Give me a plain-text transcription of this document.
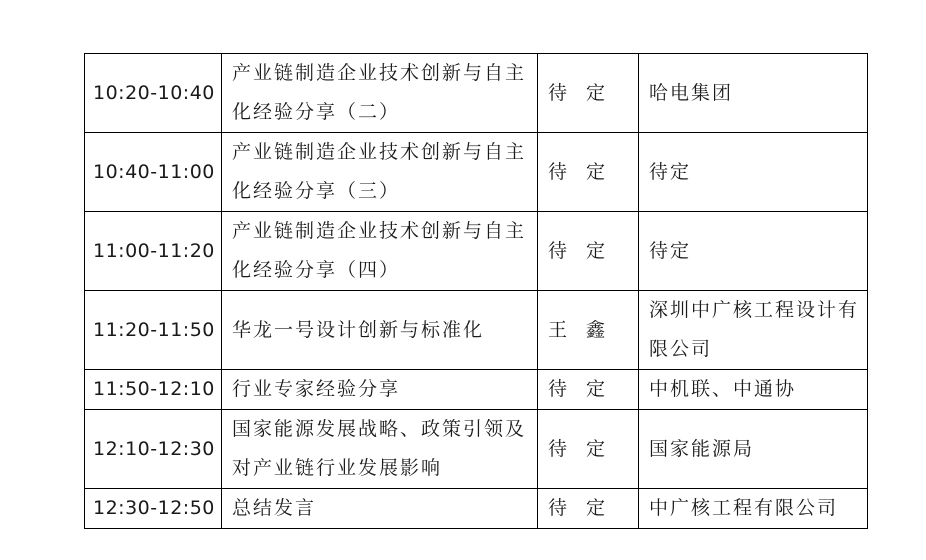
10:20-10:40	产业链制造企业技术创新与自主化经验分享（二）	待　定	哈电集团
10:40-11:00	产业链制造企业技术创新与自主化经验分享（三）	待　定	待定
11:00-11:20	产业链制造企业技术创新与自主化经验分享（四）	待　定	待定
11:20-11:50	华龙一号设计创新与标准化	王　鑫	深圳中广核工程设计有限公司
11:50-12:10	行业专家经验分享	待　定	中机联、中通协
12:10-12:30	国家能源发展战略、政策引领及对产业链行业发展影响	待　定	国家能源局
12:30-12:50	总结发言	待　定	中广核工程有限公司
